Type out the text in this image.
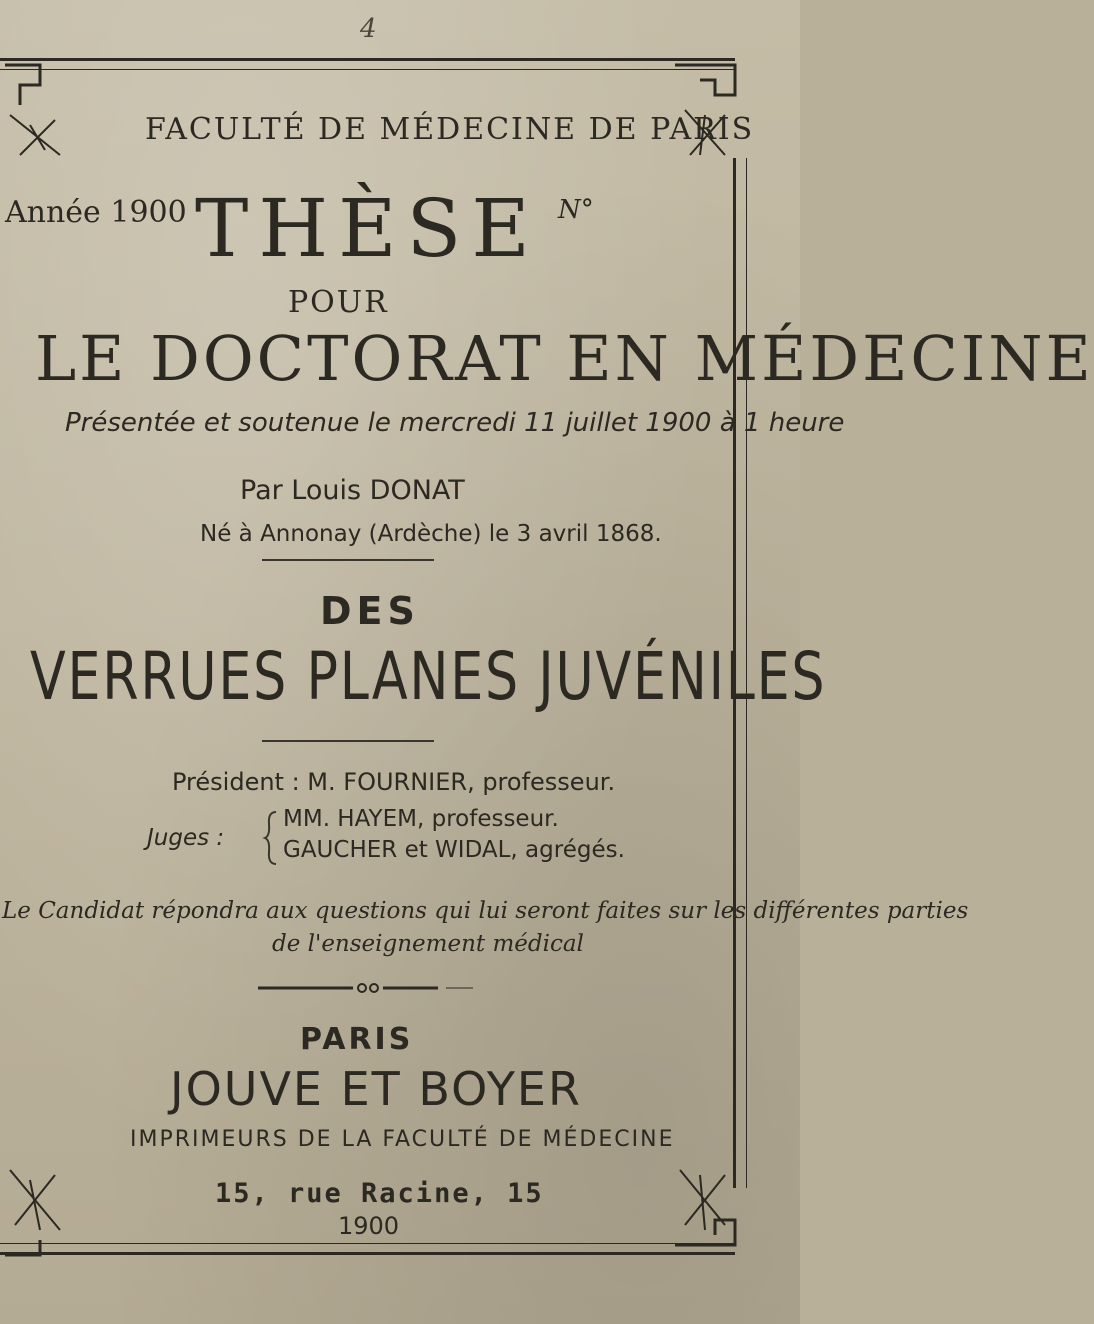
4
FACULTÉ DE MÉDECINE DE PARIS
Année 1900 THÈSE N°
POUR
LE DOCTORAT EN MÉDECINE
Présentée et soutenue le mercredi 11 juillet 1900 à 1 heure
Par Louis DONAT
Né à Annonay (Ardèche) le 3 avril 1868.
DES
VERRUES PLANES JUVÉNILES
Président : M. FOURNIER, professeur.
Juges :
MM. HAYEM, professeur.
GAUCHER et WIDAL, agrégés.
Le Candidat répondra aux questions qui lui seront faites sur les différentes parties
de l'enseignement médical
PARIS
JOUVE ET BOYER
IMPRIMEURS DE LA FACULTÉ DE MÉDECINE
15, rue Racine, 15
1900
